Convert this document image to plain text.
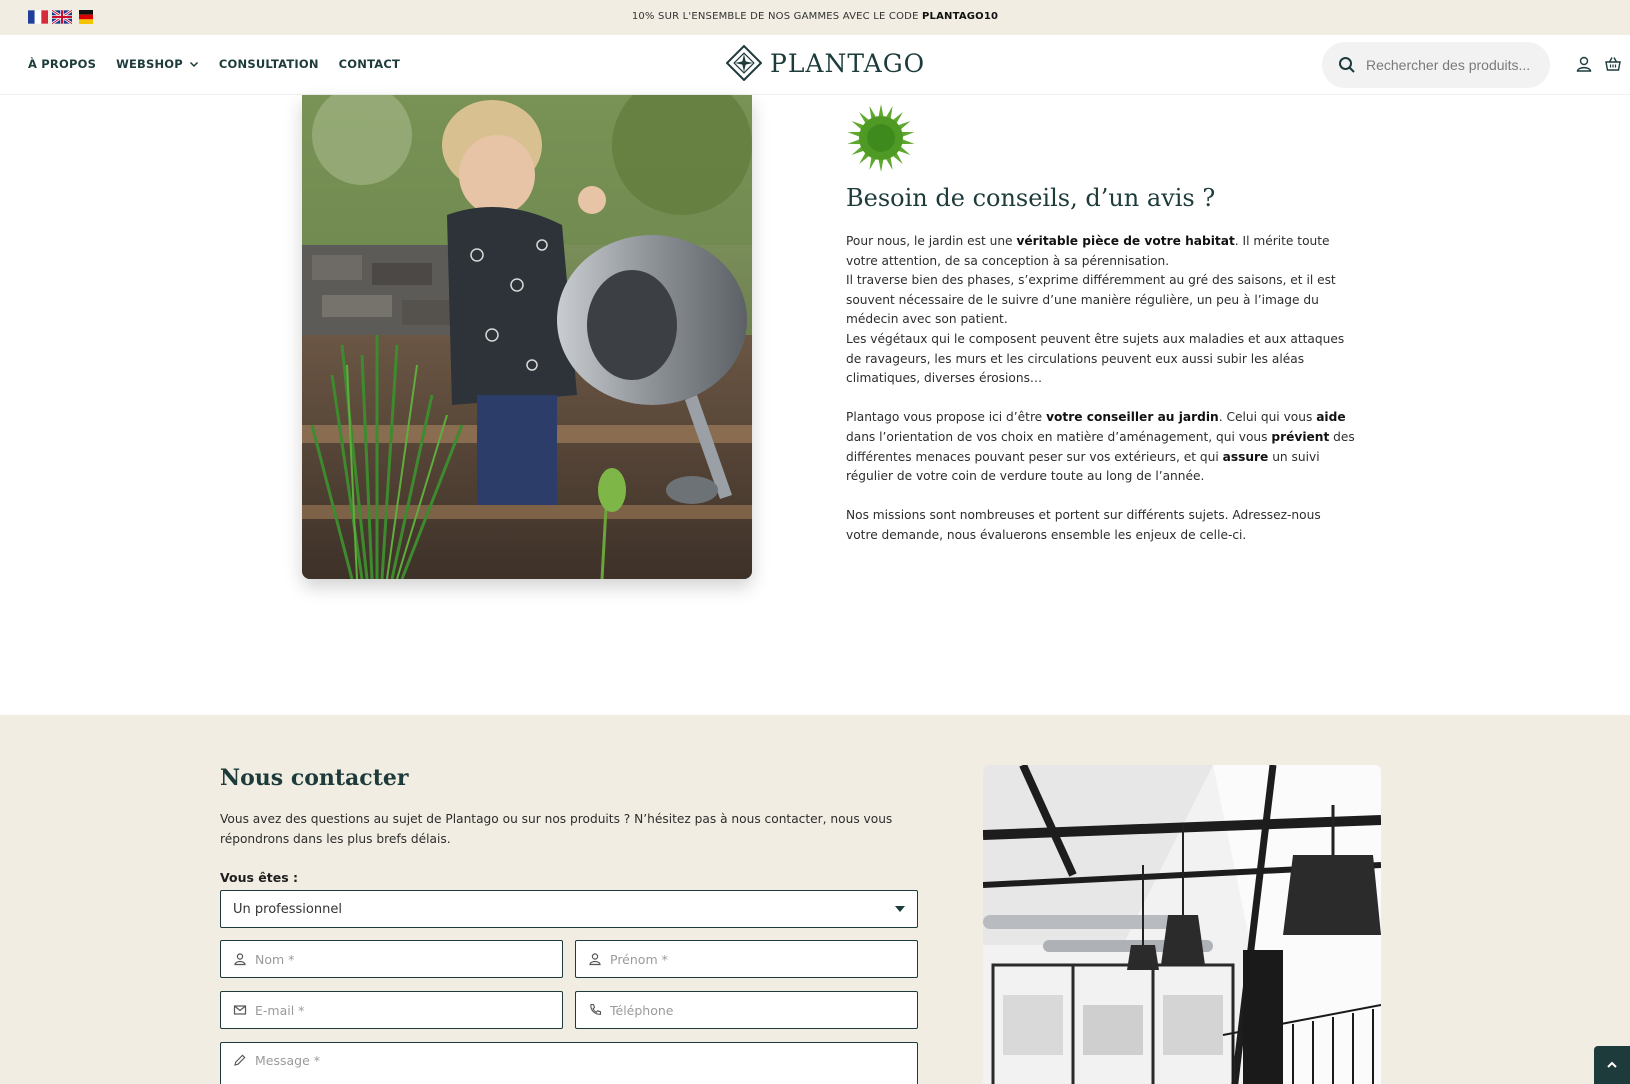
10% SUR L'ENSEMBLE DE NOS GAMMES AVEC LE CODE PLANTAGO10
À PROPOS WEBSHOP	CONSULTATION CONTACT	PLANTAGO
Rechercher des produits...
Besoin de conseils, d’un avis ?

Pour nous, le jardin est une véritable pièce de votre habitat. Il mérite toute votre attention, de sa conception à sa pérennisation.
Il traverse bien des phases, s’exprime différemment au gré des saisons, et il est souvent nécessaire de le suivre d’une manière régulière, un peu à l’image du médecin avec son patient.
Les végétaux qui le composent peuvent être sujets aux maladies et aux attaques de ravageurs, les murs et les circulations peuvent eux aussi subir les aléas climatiques, diverses érosions…

Plantago vous propose ici d’être votre conseiller au jardin. Celui qui vous aide dans l’orientation de vos choix en matière d’aménagement, qui vous prévient des différentes menaces pouvant peser sur vos extérieurs, et qui assure un suivi régulier de votre coin de verdure toute au long de l’année.

Nos missions sont nombreuses et portent sur différents sujets. Adressez-nous votre demande, nous évaluerons ensemble les enjeux de celle-ci.

Nous contacter

Vous avez des questions au sujet de Plantago ou sur nos produits ? N’hésitez pas à nous contacter, nous vous répondrons dans les plus brefs délais.

Vous êtes :
Un professionnel
Nom *
Prénom *
E-mail *
Téléphone
Message *
